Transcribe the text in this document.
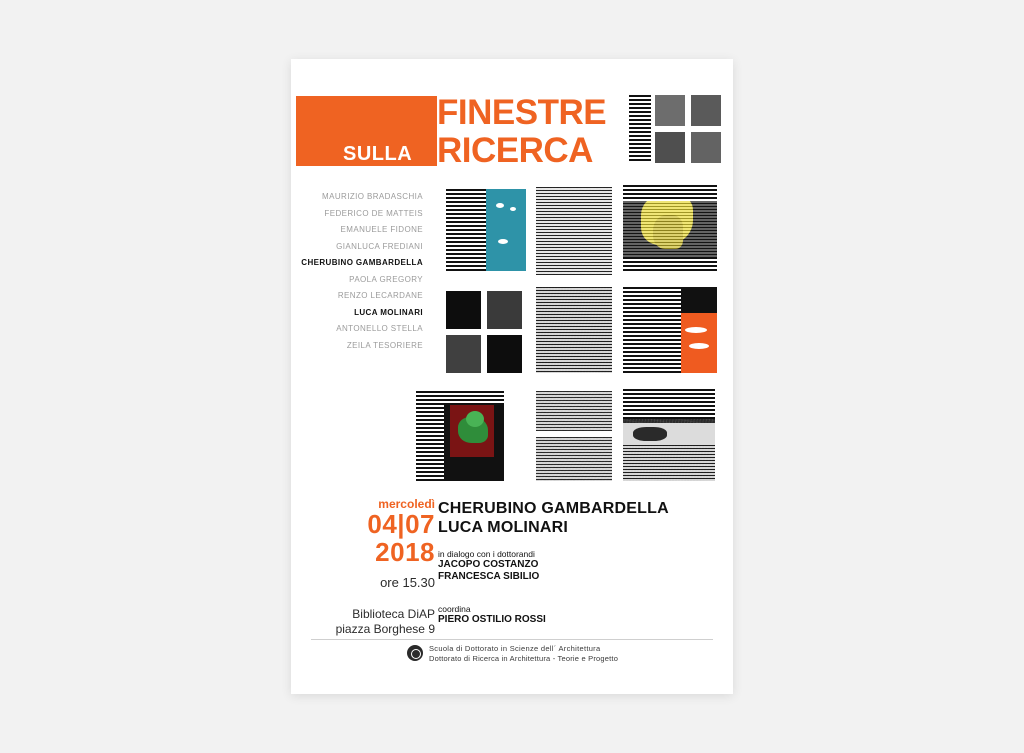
SULLA
FINESTRE
RICERCA
MAURIZIO BRADASCHIA
FEDERICO DE MATTEIS
EMANUELE FIDONE
GIANLUCA FREDIANI
CHERUBINO GAMBARDELLA
PAOLA GREGORY
RENZO LECARDANE
LUCA MOLINARI
ANTONELLO STELLA
ZEILA TESORIERE
mercoledì
04|07
2018
ore 15.30
Biblioteca DiAP
piazza Borghese 9
CHERUBINO GAMBARDELLA
LUCA MOLINARI
in dialogo con i dottorandi
JACOPO COSTANZO
FRANCESCA SIBILIO
coordina
PIERO OSTILIO ROSSI
Scuola di Dottorato in Scienze dell´ Architettura
Dottorato di Ricerca in Architettura - Teorie e Progetto
